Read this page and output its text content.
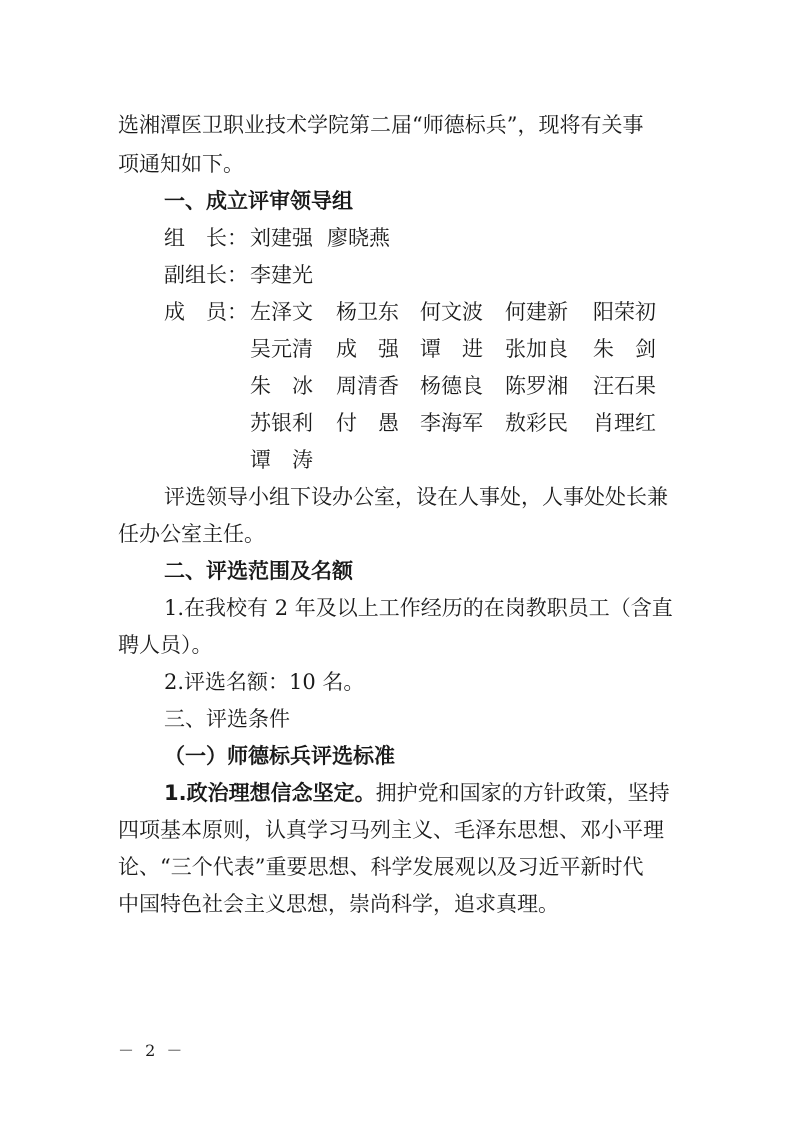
选湘潭医卫职业技术学院第二届“师德标兵”，现将有关事
项通知如下。
一、成立评审领导组
组　长： 刘建强 廖晓燕
副组长： 李建光
成　员： 左泽文 杨卫东 何文波 何建新 阳荣初
吴元清 成　强 谭　进 张加良 朱　剑
朱　冰 周清香 杨德良 陈罗湘 汪石果
苏银利 付　愚 李海军 敖彩民 肖理红
谭　涛
评选领导小组下设办公室，设在人事处，人事处处长兼
任办公室主任。
二、评选范围及名额
1.在我校有 2 年及以上工作经历的在岗教职员工（含直
聘人员）。
2.评选名额：10 名。
三、评选条件
（一）师德标兵评选标准
1.政治理想信念坚定。拥护党和国家的方针政策，坚持
四项基本原则，认真学习马列主义、毛泽东思想、邓小平理
论、“三个代表”重要思想、科学发展观以及习近平新时代
中国特色社会主义思想，崇尚科学，追求真理。
－ 2 －
